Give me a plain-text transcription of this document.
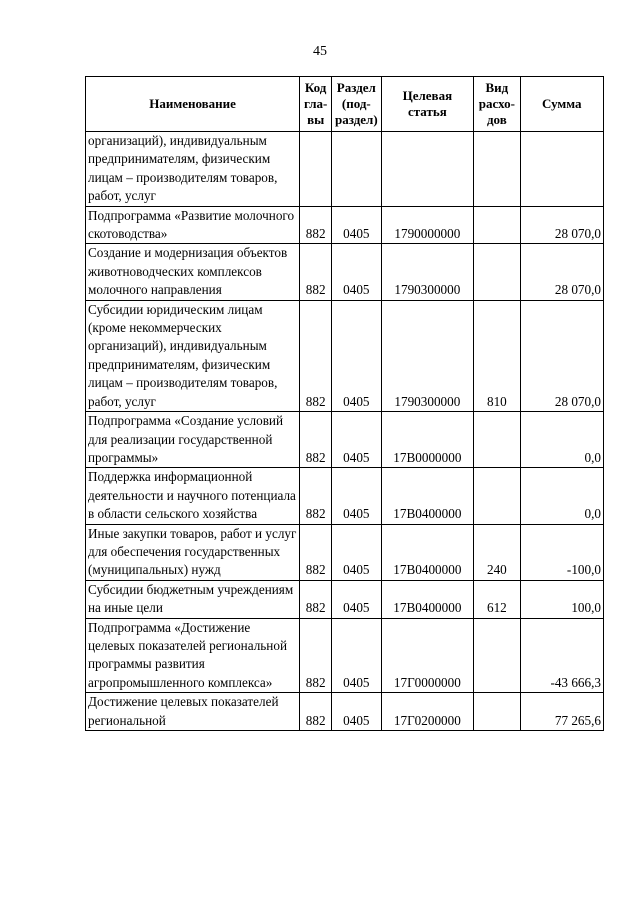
45
Наименование	Код гла- вы	Раздел (под- раздел)	Целевая статья	Вид расхо- дов	Сумма
организаций), индивидуальным предпринимателям, физическим лицам – производителям товаров, работ, услуг					
Подпрограмма «Развитие молочного скотоводства»	882	0405	1790000000		28 070,0
Создание и модернизация объектов животноводческих комплексов молочного направления	882	0405	1790300000		28 070,0
Субсидии юридическим лицам (кроме некоммерческих организаций), индивидуальным предпринимателям, физическим лицам – производителям товаров, работ, услуг	882	0405	1790300000	810	28 070,0
Подпрограмма «Создание условий для реализации государственной программы»	882	0405	17В0000000		0,0
Поддержка информационной деятельности и научного потенциала в области сельского хозяйства	882	0405	17В0400000		0,0
Иные закупки товаров, работ и услуг для обеспечения государственных (муниципальных) нужд	882	0405	17В0400000	240	-100,0
Субсидии бюджетным учреждениям на иные цели	882	0405	17В0400000	612	100,0
Подпрограмма «Достижение целевых показателей региональной программы развития агропромышленного комплекса»	882	0405	17Г0000000		-43 666,3
Достижение целевых показателей региональной	882	0405	17Г0200000		77 265,6
